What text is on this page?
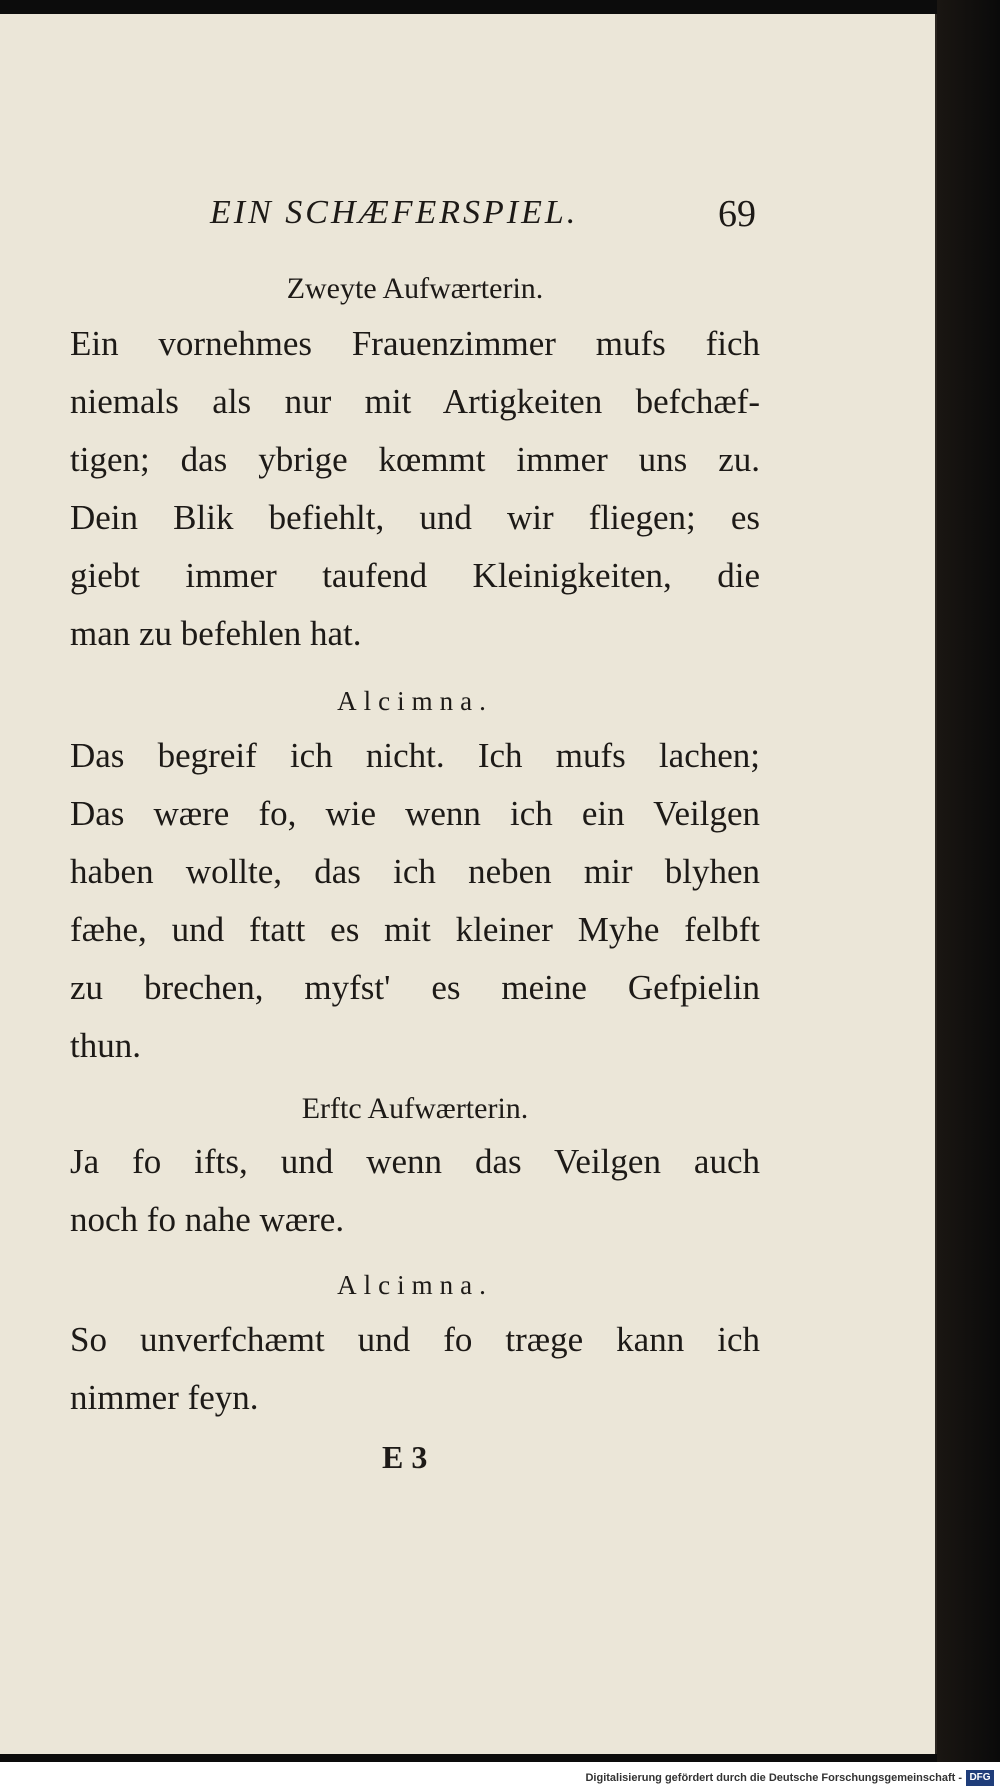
EIN SCHÆFERSPIEL.	69
Zweyte Aufwærterin.
Ein vornehmes Frauenzimmer mufs fich
niemals als nur mit Artigkeiten befchæf-
tigen; das ybrige kœmmt immer uns zu.
Dein Blik befiehlt, und wir fliegen; es
giebt immer taufend Kleinigkeiten, die
man zu befehlen hat.
Alcimna.
Das begreif ich nicht. Ich mufs lachen;
Das wære fo, wie wenn ich ein Veilgen
haben wollte, das ich neben mir blyhen
fæhe, und ftatt es mit kleiner Myhe felbft
zu brechen, myfst' es meine Gefpielin
thun.
Erftc Aufwærterin.
Ja fo ifts, und wenn das Veilgen auch
noch fo nahe wære.
Alcimna.
So unverfchæmt und fo træge kann ich
nimmer feyn.
E 3
Digitalisierung gefördert durch die Deutsche Forschungsgemeinschaft - DFG
